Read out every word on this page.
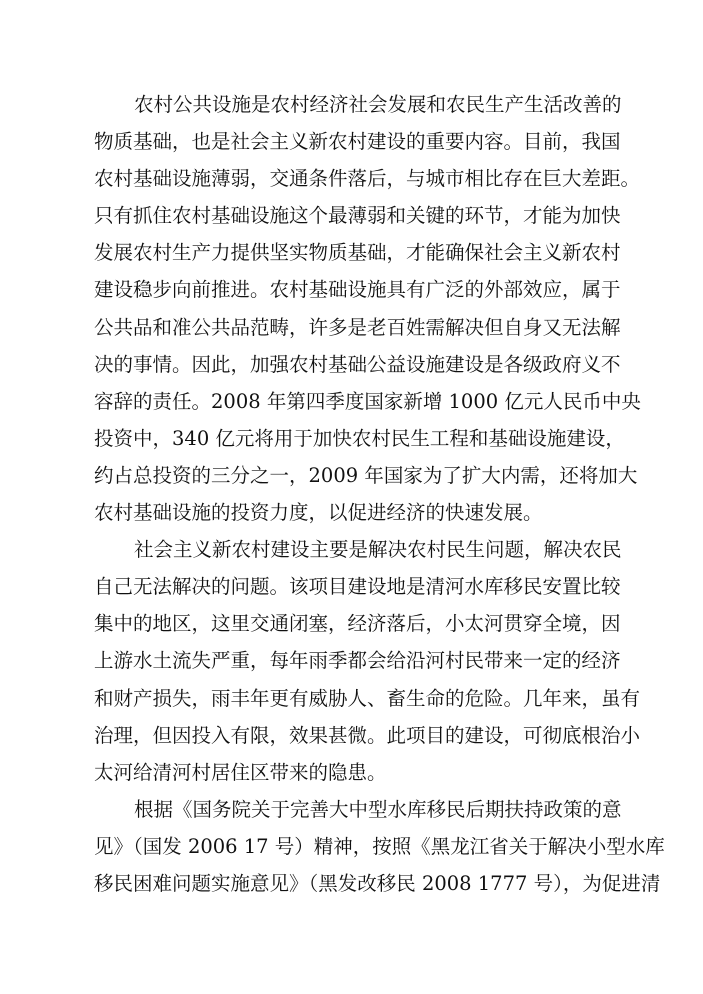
农村公共设施是农村经济社会发展和农民生产生活改善的
物质基础，也是社会主义新农村建设的重要内容。目前，我国
农村基础设施薄弱，交通条件落后，与城市相比存在巨大差距。
只有抓住农村基础设施这个最薄弱和关键的环节，才能为加快
发展农村生产力提供坚实物质基础，才能确保社会主义新农村
建设稳步向前推进。农村基础设施具有广泛的外部效应，属于
公共品和准公共品范畴，许多是老百姓需解决但自身又无法解
决的事情。因此，加强农村基础公益设施建设是各级政府义不
容辞的责任。2008 年第四季度国家新增 1000 亿元人民币中央
投资中，340 亿元将用于加快农村民生工程和基础设施建设，
约占总投资的三分之一，2009 年国家为了扩大内需，还将加大
农村基础设施的投资力度，以促进经济的快速发展。
社会主义新农村建设主要是解决农村民生问题，解决农民
自己无法解决的问题。该项目建设地是清河水库移民安置比较
集中的地区，这里交通闭塞，经济落后，小太河贯穿全境，因
上游水土流失严重，每年雨季都会给沿河村民带来一定的经济
和财产损失，雨丰年更有威胁人、畜生命的危险。几年来，虽有
治理，但因投入有限，效果甚微。此项目的建设，可彻底根治小
太河给清河村居住区带来的隐患。
根据《国务院关于完善大中型水库移民后期扶持政策的意
见》（国发 2006 17 号）精神，按照《黑龙江省关于解决小型水库
移民困难问题实施意见》（黑发改移民 2008 1777 号），为促进清
